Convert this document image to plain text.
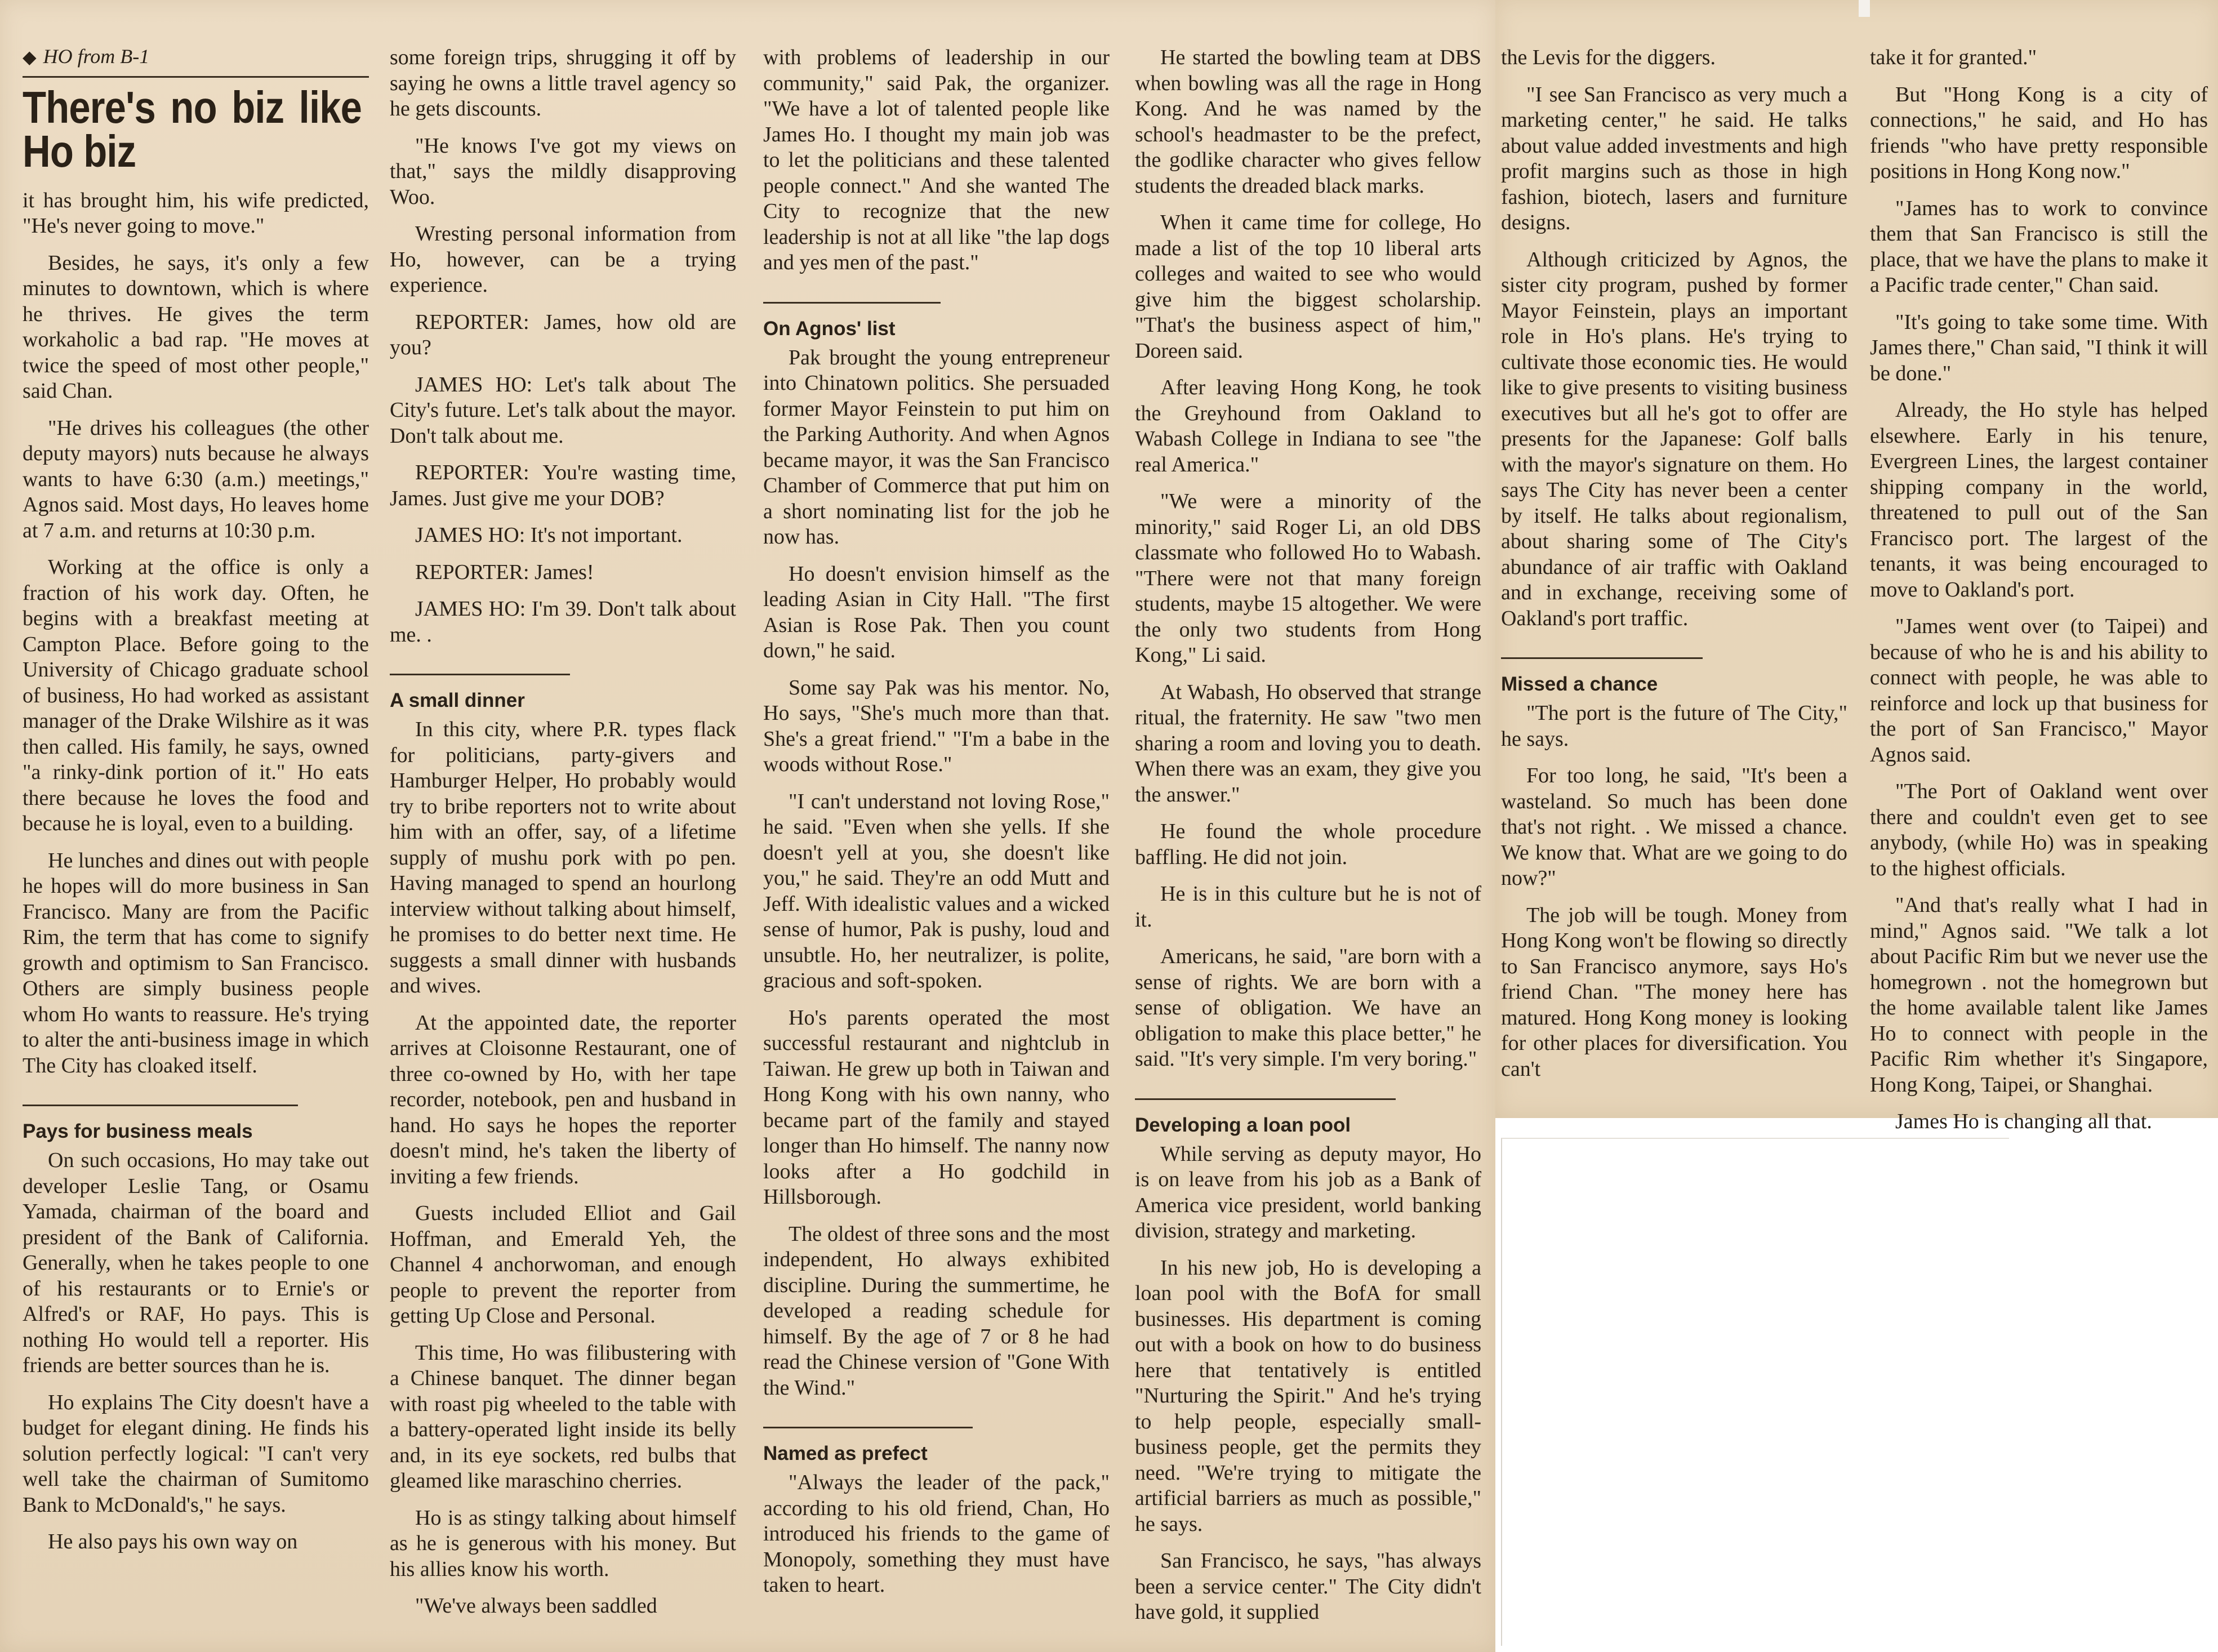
◆ HO from B-1
There's no biz like Ho biz

it has brought him, his wife predicted, "He's never going to move."

Besides, he says, it's only a few minutes to downtown, which is where he thrives. He gives the term workaholic a bad rap. "He moves at twice the speed of most other people," said Chan.

"He drives his colleagues (the other deputy mayors) nuts because he always wants to have 6:30 (a.m.) meetings," Agnos said. Most days, Ho leaves home at 7 a.m. and returns at 10:30 p.m.

Working at the office is only a fraction of his work day. Often, he begins with a breakfast meeting at Campton Place. Before going to the University of Chicago graduate school of business, Ho had worked as assistant manager of the Drake Wilshire as it was then called. His family, he says, owned "a rinky-dink portion of it." Ho eats there because he loves the food and because he is loyal, even to a building.

He lunches and dines out with people he hopes will do more business in San Francisco. Many are from the Pacific Rim, the term that has come to signify growth and optimism to San Francisco. Others are simply business people whom Ho wants to reassure. He's trying to alter the anti-business image in which The City has cloaked itself.

Pays for business meals

On such occasions, Ho may take out developer Leslie Tang, or Osamu Yamada, chairman of the board and president of the Bank of California. Generally, when he takes people to one of his restaurants or to Ernie's or Alfred's or RAF, Ho pays. This is nothing Ho would tell a reporter. His friends are better sources than he is.

Ho explains The City doesn't have a budget for elegant dining. He finds his solution perfectly logical: "I can't very well take the chairman of Sumitomo Bank to McDonald's," he says.

He also pays his own way on

some foreign trips, shrugging it off by saying he owns a little travel agency so he gets discounts.

"He knows I've got my views on that," says the mildly disapproving Woo.

Wresting personal information from Ho, however, can be a trying experience.

REPORTER: James, how old are you?

JAMES HO: Let's talk about The City's future. Let's talk about the mayor. Don't talk about me.

REPORTER: You're wasting time, James. Just give me your DOB?

JAMES HO: It's not important.

REPORTER: James!

JAMES HO: I'm 39. Don't talk about me. .

A small dinner

In this city, where P.R. types flack for politicians, party-givers and Hamburger Helper, Ho probably would try to bribe reporters not to write about him with an offer, say, of a lifetime supply of mushu pork with po pen. Having managed to spend an hourlong interview without talking about himself, he promises to do better next time. He suggests a small dinner with husbands and wives.

At the appointed date, the reporter arrives at Cloisonne Restaurant, one of three co-owned by Ho, with her tape recorder, notebook, pen and husband in hand. Ho says he hopes the reporter doesn't mind, he's taken the liberty of inviting a few friends.

Guests included Elliot and Gail Hoffman, and Emerald Yeh, the Channel 4 anchorwoman, and enough people to prevent the reporter from getting Up Close and Personal.

This time, Ho was filibustering with a Chinese banquet. The dinner began with roast pig wheeled to the table with a battery-operated light inside its belly and, in its eye sockets, red bulbs that gleamed like maraschino cherries.

Ho is as stingy talking about himself as he is generous with his money. But his allies know his worth.

"We've always been saddled

with problems of leadership in our community," said Pak, the organizer. "We have a lot of talented people like James Ho. I thought my main job was to let the politicians and these talented people connect." And she wanted The City to recognize that the new leadership is not at all like "the lap dogs and yes men of the past."

On Agnos' list

Pak brought the young entrepreneur into Chinatown politics. She persuaded former Mayor Feinstein to put him on the Parking Authority. And when Agnos became mayor, it was the San Francisco Chamber of Commerce that put him on a short nominating list for the job he now has.

Ho doesn't envision himself as the leading Asian in City Hall. "The first Asian is Rose Pak. Then you count down," he said.

Some say Pak was his mentor. No, Ho says, "She's much more than that. She's a great friend." "I'm a babe in the woods without Rose."

"I can't understand not loving Rose," he said. "Even when she yells. If she doesn't yell at you, she doesn't like you," he said. They're an odd Mutt and Jeff. With idealistic values and a wicked sense of humor, Pak is pushy, loud and unsubtle. Ho, her neutralizer, is polite, gracious and soft-spoken.

Ho's parents operated the most successful restaurant and nightclub in Taiwan. He grew up both in Taiwan and Hong Kong with his own nanny, who became part of the family and stayed longer than Ho himself. The nanny now looks after a Ho godchild in Hillsborough.

The oldest of three sons and the most independent, Ho always exhibited discipline. During the summertime, he developed a reading schedule for himself. By the age of 7 or 8 he had read the Chinese version of "Gone With the Wind."

Named as prefect

"Always the leader of the pack," according to his old friend, Chan, Ho introduced his friends to the game of Monopoly, something they must have taken to heart.

He started the bowling team at DBS when bowling was all the rage in Hong Kong. And he was named by the school's headmaster to be the prefect, the godlike character who gives fellow students the dreaded black marks.

When it came time for college, Ho made a list of the top 10 liberal arts colleges and waited to see who would give him the biggest scholarship. "That's the business aspect of him," Doreen said.

After leaving Hong Kong, he took the Greyhound from Oakland to Wabash College in Indiana to see "the real America."

"We were a minority of the minority," said Roger Li, an old DBS classmate who followed Ho to Wabash. "There were not that many foreign students, maybe 15 altogether. We were the only two students from Hong Kong," Li said.

At Wabash, Ho observed that strange ritual, the fraternity. He saw "two men sharing a room and loving you to death. When there was an exam, they give you the answer."

He found the whole procedure baffling. He did not join.

He is in this culture but he is not of it.

Americans, he said, "are born with a sense of rights. We are born with a sense of obligation. We have an obligation to make this place better," he said. "It's very simple. I'm very boring."

Developing a loan pool

While serving as deputy mayor, Ho is on leave from his job as a Bank of America vice president, world banking division, strategy and marketing.

In his new job, Ho is developing a loan pool with the BofA for small businesses. His department is coming out with a book on how to do business here that tentatively is entitled "Nurturing the Spirit." And he's trying to help people, especially small-business people, get the permits they need. "We're trying to mitigate the artificial barriers as much as possible," he says.

San Francisco, he says, "has always been a service center." The City didn't have gold, it supplied

the Levis for the diggers.

"I see San Francisco as very much a marketing center," he said. He talks about value added investments and high profit margins such as those in high fashion, biotech, lasers and furniture designs.

Although criticized by Agnos, the sister city program, pushed by former Mayor Feinstein, plays an important role in Ho's plans. He's trying to cultivate those economic ties. He would like to give presents to visiting business executives but all he's got to offer are presents for the Japanese: Golf balls with the mayor's signature on them. Ho says The City has never been a center by itself. He talks about regionalism, about sharing some of The City's abundance of air traffic with Oakland and in exchange, receiving some of Oakland's port traffic.

Missed a chance

"The port is the future of The City," he says.

For too long, he said, "It's been a wasteland. So much has been done that's not right. . We missed a chance. We know that. What are we going to do now?"

The job will be tough. Money from Hong Kong won't be flowing so directly to San Francisco anymore, says Ho's friend Chan. "The money here has matured. Hong Kong money is looking for other places for diversification. You can't

take it for granted."

But "Hong Kong is a city of connections," he said, and Ho has friends "who have pretty responsible positions in Hong Kong now."

"James has to work to convince them that San Francisco is still the place, that we have the plans to make it a Pacific trade center," Chan said.

"It's going to take some time. With James there," Chan said, "I think it will be done."

Already, the Ho style has helped elsewhere. Early in his tenure, Evergreen Lines, the largest container shipping company in the world, threatened to pull out of the San Francisco port. The largest of the tenants, it was being encouraged to move to Oakland's port.

"James went over (to Taipei) and because of who he is and his ability to connect with people, he was able to reinforce and lock up that business for the port of San Francisco," Mayor Agnos said.

"The Port of Oakland went over there and couldn't even get to see anybody, (while Ho) was in speaking to the highest officials.

"And that's really what I had in mind," Agnos said. "We talk a lot about Pacific Rim but we never use the homegrown . not the homegrown but the home available talent like James Ho to connect with people in the Pacific Rim whether it's Singapore, Hong Kong, Taipei, or Shanghai.

James Ho is changing all that.
